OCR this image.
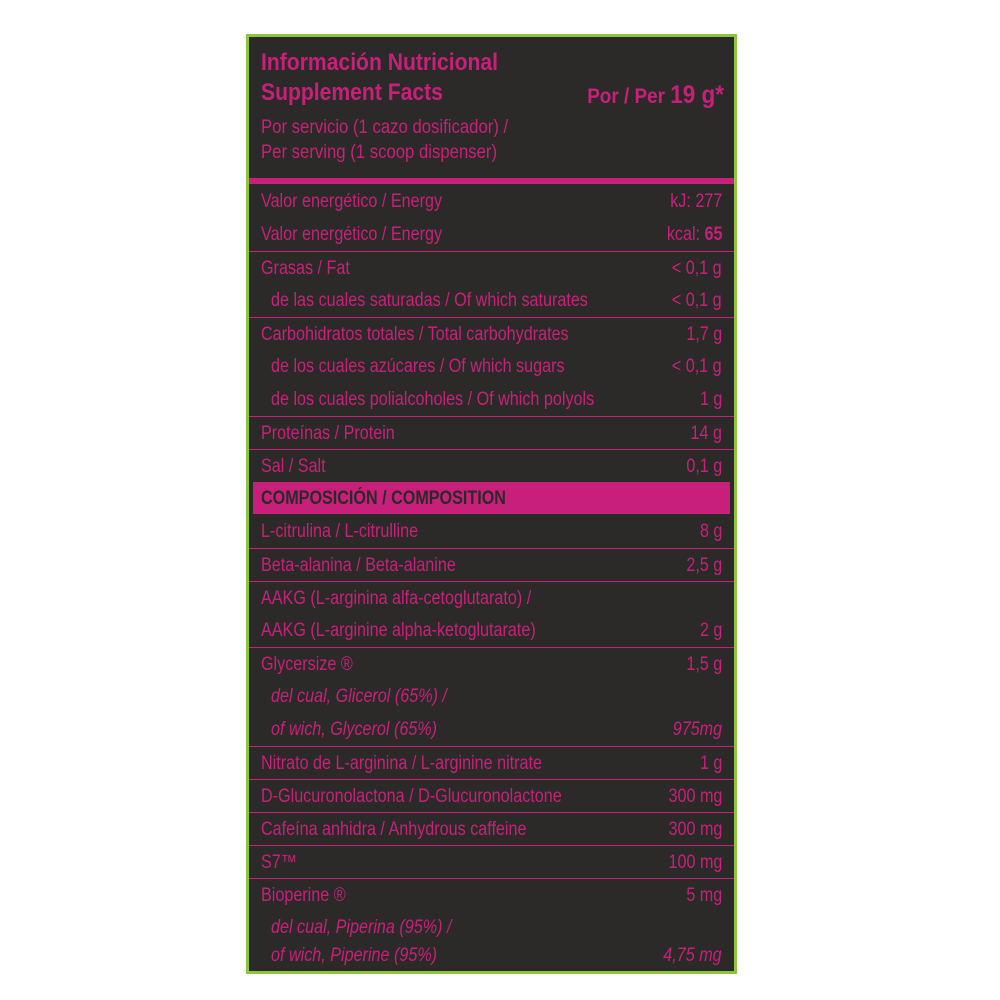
Información Nutricional
Supplement Facts	Por / Per 19 g*
Por servicio (1 cazo dosificador) /
Per serving (1 scoop dispenser)
Valor energético / Energy	kJ: 277
Valor energético / Energy	kcal: 65
Grasas / Fat	< 0,1 g
de las cuales saturadas / Of which saturates	< 0,1 g
Carbohidratos totales / Total carbohydrates	1,7 g
de los cuales azúcares / Of which sugars	< 0,1 g
de los cuales polialcoholes / Of which polyols	1 g
Proteínas / Protein	14 g
Sal / Salt	0,1 g
COMPOSICIÓN / COMPOSITION
L-citrulina / L-citrulline	8 g
Beta-alanina / Beta-alanine	2,5 g
AAKG (L-arginina alfa-cetoglutarato) /
AAKG (L-arginine alpha-ketoglutarate)	2 g
Glycersize ®	1,5 g
del cual, Glicerol (65%) /
of wich, Glycerol (65%)	975mg
Nitrato de L-arginina / L-arginine nitrate	1 g
D-Glucuronolactona / D-Glucuronolactone	300 mg
Cafeína anhidra / Anhydrous caffeine	300 mg
S7™	100 mg
Bioperine ®	5 mg
del cual, Piperina (95%) /
of wich, Piperine (95%)	4,75 mg
